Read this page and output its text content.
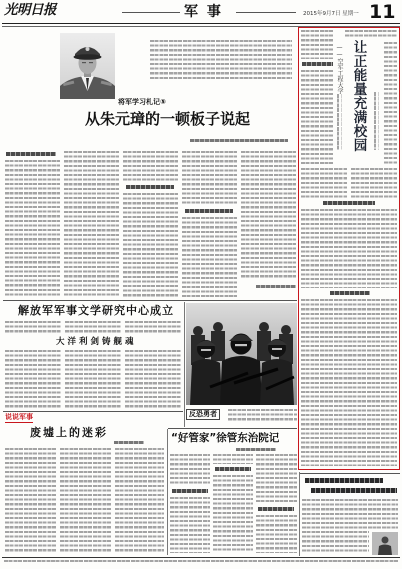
光明日报	军 事	2015年9月7日 星期一 11
将军学习札记⑤
从朱元璋的一顿板子说起
解放军军事文学研究中心成立
大洋利剑铸舰魂
反恐勇者
说说军事
废墟上的迷彩	“好管家”徐管东治院记
——空军工程大学 让正能量充满校园
